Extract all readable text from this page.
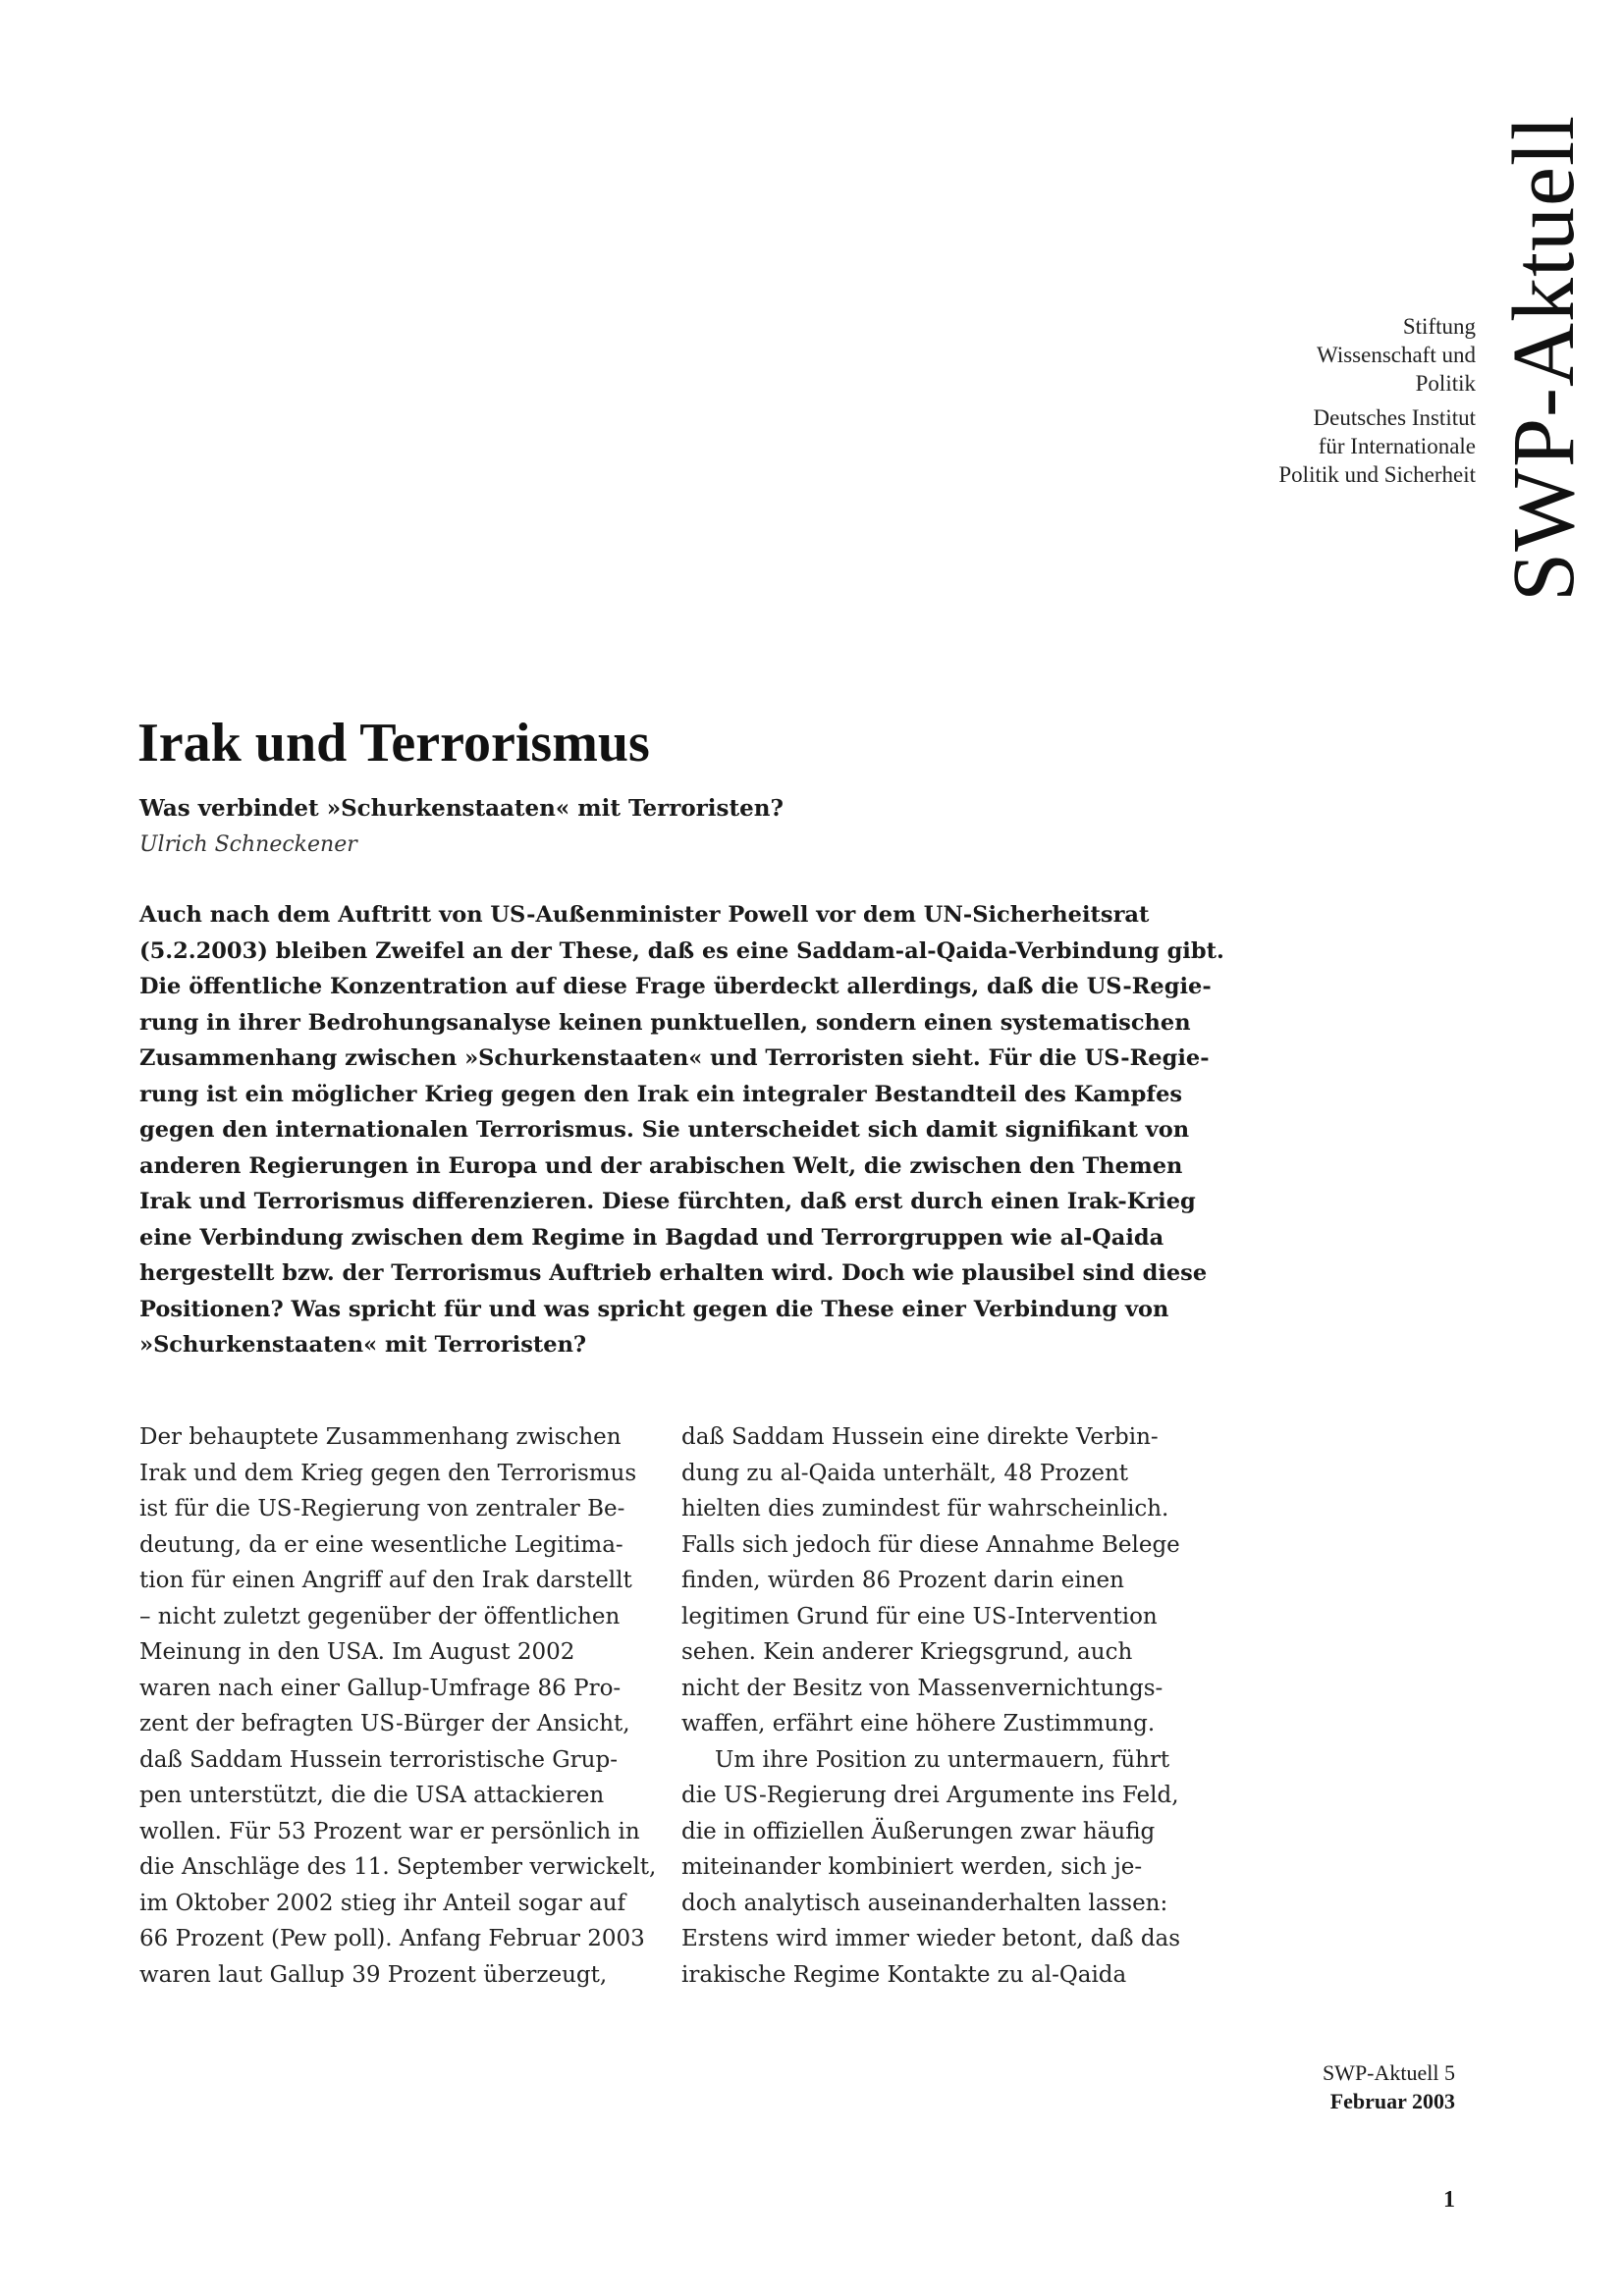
SWP-Aktuell
Stiftung
Wissenschaft und
Politik
Deutsches Institut
für Internationale
Politik und Sicherheit
Irak und Terrorismus

Was verbindet »Schurkenstaaten« mit Terroristen?

Ulrich Schneckener

Auch nach dem Auftritt von US-Außenminister Powell vor dem UN-Sicherheitsrat
(5.2.2003) bleiben Zweifel an der These, daß es eine Saddam-al-Qaida-Verbindung gibt.
Die öffentliche Konzentration auf diese Frage überdeckt allerdings, daß die US-Regie-
rung in ihrer Bedrohungsanalyse keinen punktuellen, sondern einen systematischen
Zusammenhang zwischen »Schurkenstaaten« und Terroristen sieht. Für die US-Regie-
rung ist ein möglicher Krieg gegen den Irak ein integraler Bestandteil des Kampfes
gegen den internationalen Terrorismus. Sie unterscheidet sich damit signifikant von
anderen Regierungen in Europa und der arabischen Welt, die zwischen den Themen
Irak und Terrorismus differenzieren. Diese fürchten, daß erst durch einen Irak-Krieg
eine Verbindung zwischen dem Regime in Bagdad und Terrorgruppen wie al-Qaida
hergestellt bzw. der Terrorismus Auftrieb erhalten wird. Doch wie plausibel sind diese
Positionen? Was spricht für und was spricht gegen die These einer Verbindung von
»Schurkenstaaten« mit Terroristen?
Der behauptete Zusammenhang zwischen
Irak und dem Krieg gegen den Terrorismus
ist für die US-Regierung von zentraler Be-
deutung, da er eine wesentliche Legitima-
tion für einen Angriff auf den Irak darstellt
– nicht zuletzt gegenüber der öffentlichen
Meinung in den USA. Im August 2002
waren nach einer Gallup-Umfrage 86 Pro-
zent der befragten US-Bürger der Ansicht,
daß Saddam Hussein terroristische Grup-
pen unterstützt, die die USA attackieren
wollen. Für 53 Prozent war er persönlich in
die Anschläge des 11. September verwickelt,
im Oktober 2002 stieg ihr Anteil sogar auf
66 Prozent (Pew poll). Anfang Februar 2003
waren laut Gallup 39 Prozent überzeugt,
daß Saddam Hussein eine direkte Verbin-
dung zu al-Qaida unterhält, 48 Prozent
hielten dies zumindest für wahrscheinlich.
Falls sich jedoch für diese Annahme Belege
finden, würden 86 Prozent darin einen
legitimen Grund für eine US-Intervention
sehen. Kein anderer Kriegsgrund, auch
nicht der Besitz von Massenvernichtungs-
waffen, erfährt eine höhere Zustimmung.
Um ihre Position zu untermauern, führt
die US-Regierung drei Argumente ins Feld,
die in offiziellen Äußerungen zwar häufig
miteinander kombiniert werden, sich je-
doch analytisch auseinanderhalten lassen:
Erstens wird immer wieder betont, daß das
irakische Regime Kontakte zu al-Qaida
SWP-Aktuell 5
Februar 2003
1
